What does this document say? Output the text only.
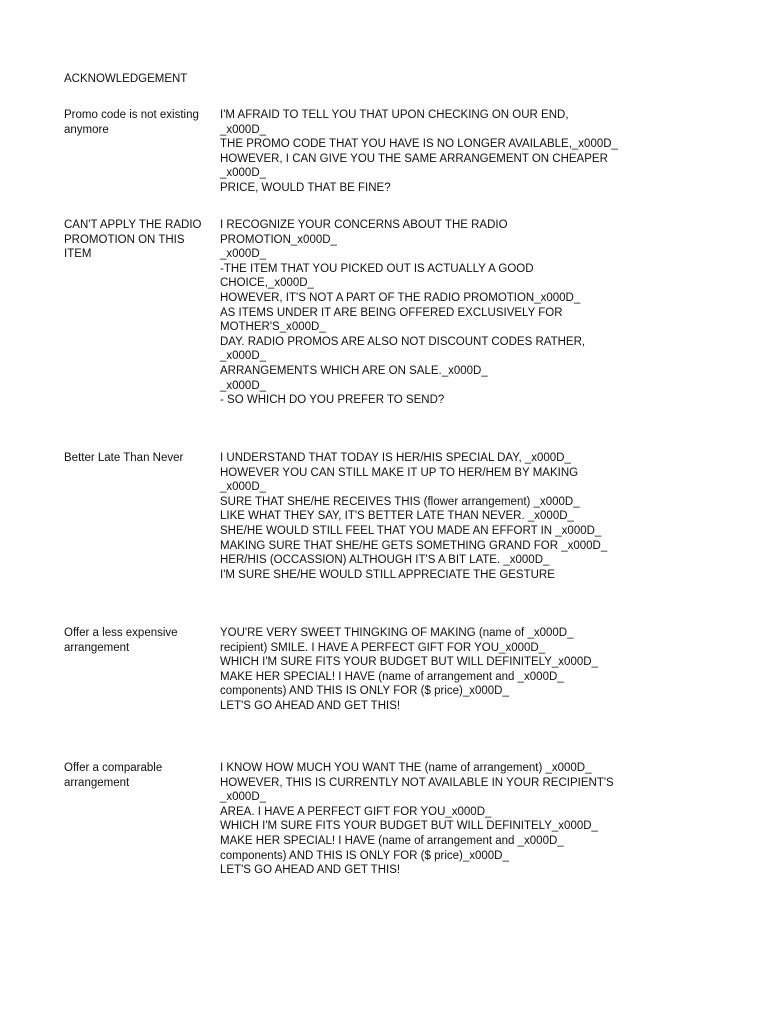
ACKNOWLEDGEMENT
Promo code is not existing
anymore
I'M AFRAID TO TELL YOU THAT UPON CHECKING ON OUR END,
_x000D_
THE PROMO CODE THAT YOU HAVE IS NO LONGER AVAILABLE,_x000D_
HOWEVER, I CAN GIVE YOU THE SAME ARRANGEMENT ON CHEAPER
_x000D_
PRICE, WOULD THAT BE FINE?
CAN'T APPLY THE RADIO
PROMOTION ON THIS
ITEM
I RECOGNIZE YOUR CONCERNS ABOUT THE RADIO
PROMOTION_x000D_
_x000D_
-THE ITEM THAT YOU PICKED OUT IS ACTUALLY A GOOD
CHOICE,_x000D_
HOWEVER, IT'S NOT A PART OF THE RADIO PROMOTION_x000D_
AS ITEMS UNDER IT ARE BEING OFFERED EXCLUSIVELY FOR
MOTHER'S_x000D_
DAY. RADIO PROMOS ARE ALSO NOT DISCOUNT CODES RATHER,
_x000D_
ARRANGEMENTS WHICH ARE ON SALE._x000D_
_x000D_
- SO WHICH DO YOU PREFER TO SEND?
Better Late Than Never	I UNDERSTAND THAT TODAY IS HER/HIS SPECIAL DAY, _x000D_
HOWEVER YOU CAN STILL MAKE IT UP TO HER/HEM BY MAKING
_x000D_
SURE THAT SHE/HE RECEIVES THIS (flower arrangement) _x000D_
LIKE WHAT THEY SAY, IT'S BETTER LATE THAN NEVER. _x000D_
SHE/HE WOULD STILL FEEL THAT YOU MADE AN EFFORT IN _x000D_
MAKING SURE THAT SHE/HE GETS SOMETHING GRAND FOR _x000D_
HER/HIS (OCCASSION) ALTHOUGH IT'S A BIT LATE. _x000D_
I'M SURE SHE/HE WOULD STILL APPRECIATE THE GESTURE
Offer a less expensive
arrangement
YOU'RE VERY SWEET THINGKING OF MAKING (name of _x000D_
recipient) SMILE. I HAVE A PERFECT GIFT FOR YOU_x000D_
WHICH I'M SURE FITS YOUR BUDGET BUT WILL DEFINITELY_x000D_
MAKE HER SPECIAL! I HAVE (name of arrangement and _x000D_
components) AND THIS IS ONLY FOR ($ price)_x000D_
LET'S GO AHEAD AND GET THIS!
Offer a comparable
arrangement
I KNOW HOW MUCH YOU WANT THE (name of arrangement) _x000D_
HOWEVER, THIS IS CURRENTLY NOT AVAILABLE IN YOUR RECIPIENT'S
_x000D_
AREA. I HAVE A PERFECT GIFT FOR YOU_x000D_
WHICH I'M SURE FITS YOUR BUDGET BUT WILL DEFINITELY_x000D_
MAKE HER SPECIAL! I HAVE (name of arrangement and _x000D_
components) AND THIS IS ONLY FOR ($ price)_x000D_
LET'S GO AHEAD AND GET THIS!
